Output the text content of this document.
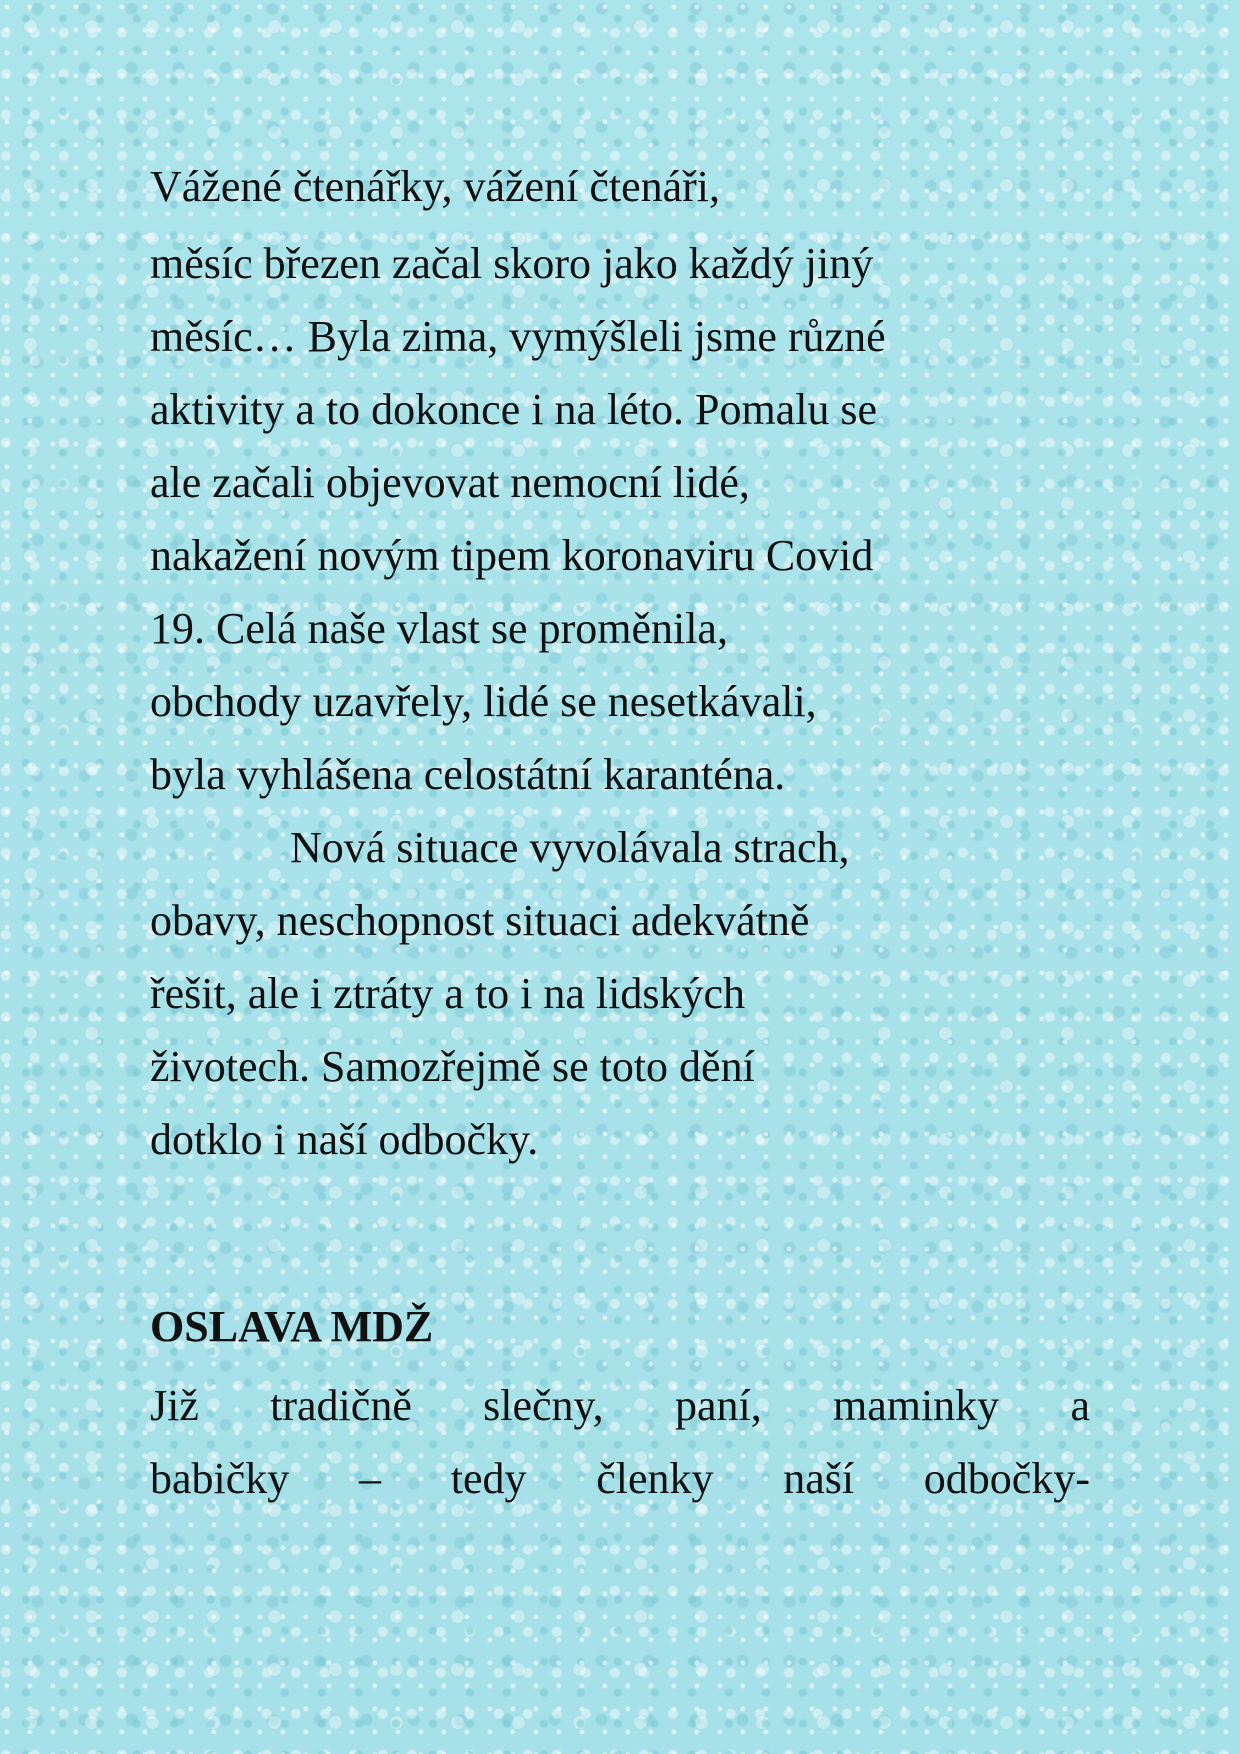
Vážené čtenářky, vážení čtenáři,
měsíc březen začal skoro jako každý jiný
měsíc… Byla zima, vymýšleli jsme různé
aktivity a to dokonce i na léto. Pomalu se
ale začali objevovat nemocní lidé,
nakažení novým tipem koronaviru Covid
19. Celá naše vlast se proměnila,
obchody uzavřely, lidé se nesetkávali,
byla vyhlášena celostátní karanténa.
Nová situace vyvolávala strach,
obavy, neschopnost situaci adekvátně
řešit, ale i ztráty a to i na lidských
životech. Samozřejmě se toto dění
dotklo i naší odbočky.
OSLAVA MDŽ
Již tradičně slečny, paní, maminky a
babičky – tedy členky naší odbočky-
